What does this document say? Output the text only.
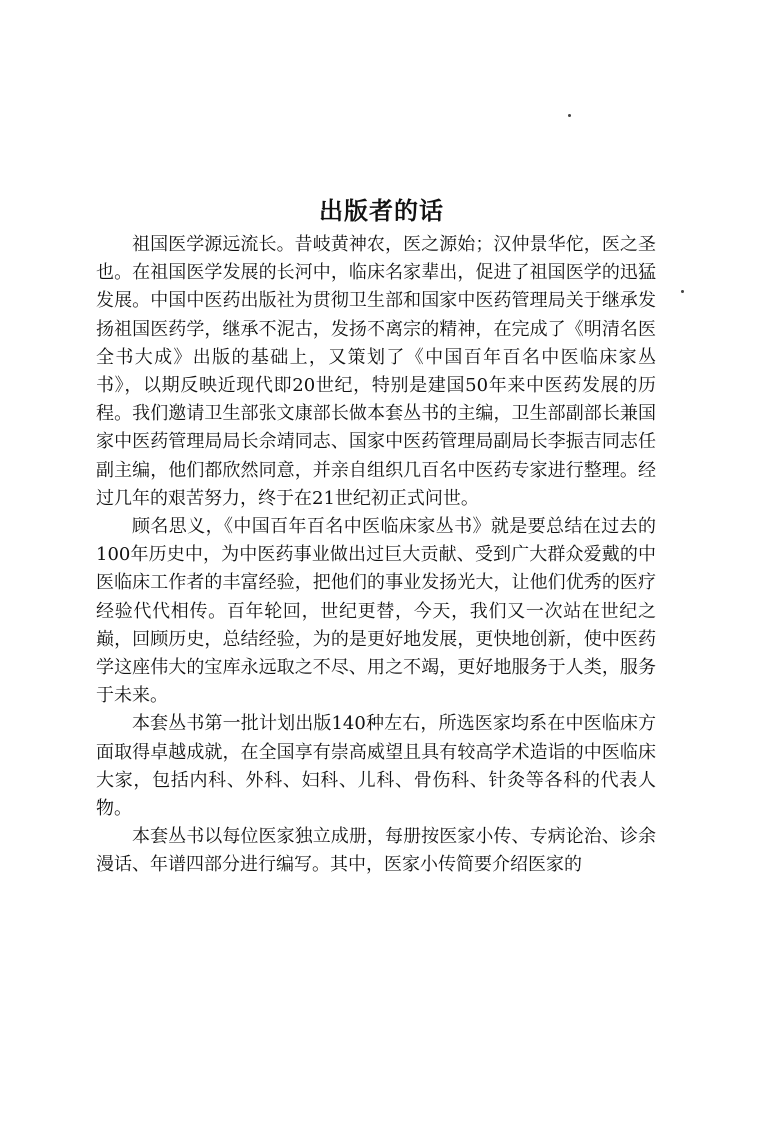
出版者的话

祖国医学源远流长。昔岐黄神农，医之源始；汉仲景华佗，医之圣也。在祖国医学发展的长河中，临床名家辈出，促进了祖国医学的迅猛发展。中国中医药出版社为贯彻卫生部和国家中医药管理局关于继承发扬祖国医药学，继承不泥古，发扬不离宗的精神，在完成了《明清名医全书大成》出版的基础上，又策划了《中国百年百名中医临床家丛书》，以期反映近现代即20世纪，特别是建国50年来中医药发展的历程。我们邀请卫生部张文康部长做本套丛书的主编，卫生部副部长兼国家中医药管理局局长佘靖同志、国家中医药管理局副局长李振吉同志任副主编，他们都欣然同意，并亲自组织几百名中医药专家进行整理。经过几年的艰苦努力，终于在21世纪初正式问世。

顾名思义，《中国百年百名中医临床家丛书》就是要总结在过去的100年历史中，为中医药事业做出过巨大贡献、受到广大群众爱戴的中医临床工作者的丰富经验，把他们的事业发扬光大，让他们优秀的医疗经验代代相传。百年轮回，世纪更替，今天，我们又一次站在世纪之巅，回顾历史，总结经验，为的是更好地发展，更快地创新，使中医药学这座伟大的宝库永远取之不尽、用之不竭，更好地服务于人类，服务于未来。

本套丛书第一批计划出版140种左右，所选医家均系在中医临床方面取得卓越成就，在全国享有崇高威望且具有较高学术造诣的中医临床大家，包括内科、外科、妇科、儿科、骨伤科、针灸等各科的代表人物。

本套丛书以每位医家独立成册，每册按医家小传、专病论治、诊余漫话、年谱四部分进行编写。其中，医家小传简要介绍医家的
